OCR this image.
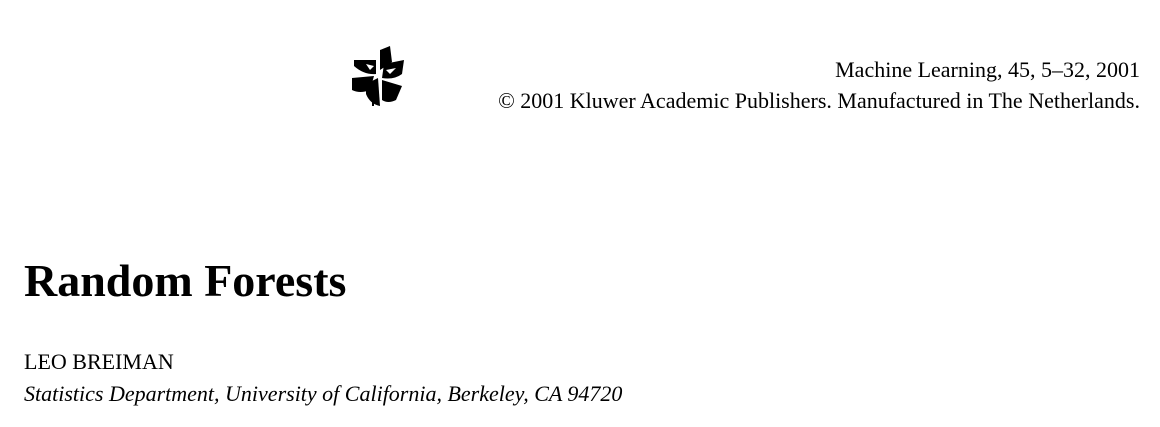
Machine Learning, 45, 5–32, 2001
© 2001 Kluwer Academic Publishers. Manufactured in The Netherlands.
Random Forests
LEO BREIMAN
Statistics Department, University of California, Berkeley, CA 94720
